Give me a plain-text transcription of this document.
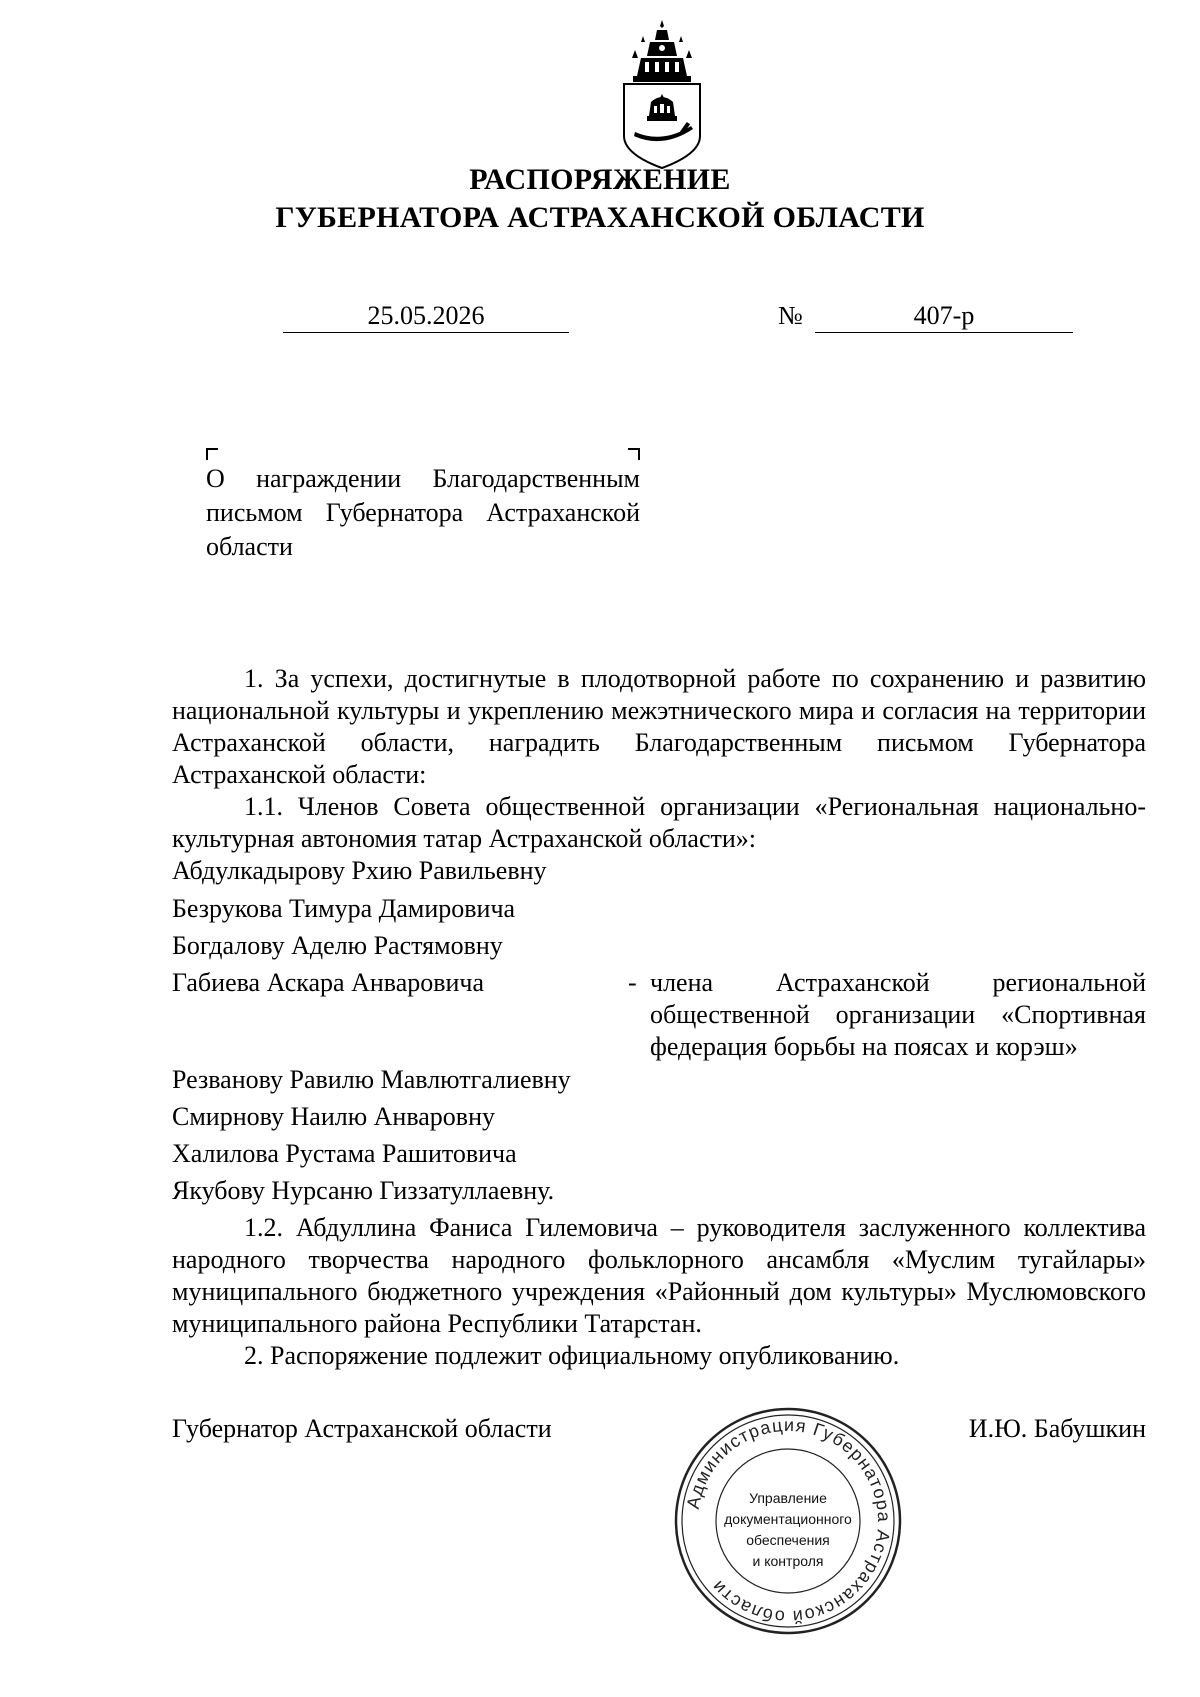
РАСПОРЯЖЕНИЕ
ГУБЕРНАТОРА АСТРАХАНСКОЙ ОБЛАСТИ
25.05.2026	№	407-р
О награждении Благодарственным письмом Губернатора Астраханской области

1. За успехи, достигнутые в плодотворной работе по сохранению и развитию национальной культуры и укреплению межэтнического мира и согласия на территории Астраханской области, наградить Благодарственным письмом Губернатора Астраханской области:

1.1. Членов Совета общественной организации «Региональная национально-культурная автономия татар Астраханской области»:

Абдулкадырову Рхию Равильевну
Безрукова Тимура Дамировича
Богдалову Аделю Растямовну
Габиева Аскара Анваровича	- члена Астраханской региональной общественной организации «Спортивная федерация борьбы на поясах и корэш»
Резванову Равилю Мавлютгалиевну
Смирнову Наилю Анваровну
Халилова Рустама Рашитовича
Якубову Нурсаню Гиззатуллаевну.

1.2. Абдуллина Фаниса Гилемовича – руководителя заслуженного коллектива народного творчества народного фольклорного ансамбля «Муслим тугайлары» муниципального бюджетного учреждения «Районный дом культуры» Муслюмовского муниципального района Республики Татарстан.

2. Распоряжение подлежит официальному опубликованию.

Администрация Губернатора Астраханской области
Управление
документационного
обеспечения
и контроля
Губернатор Астраханской области	И.Ю. Бабушкин
